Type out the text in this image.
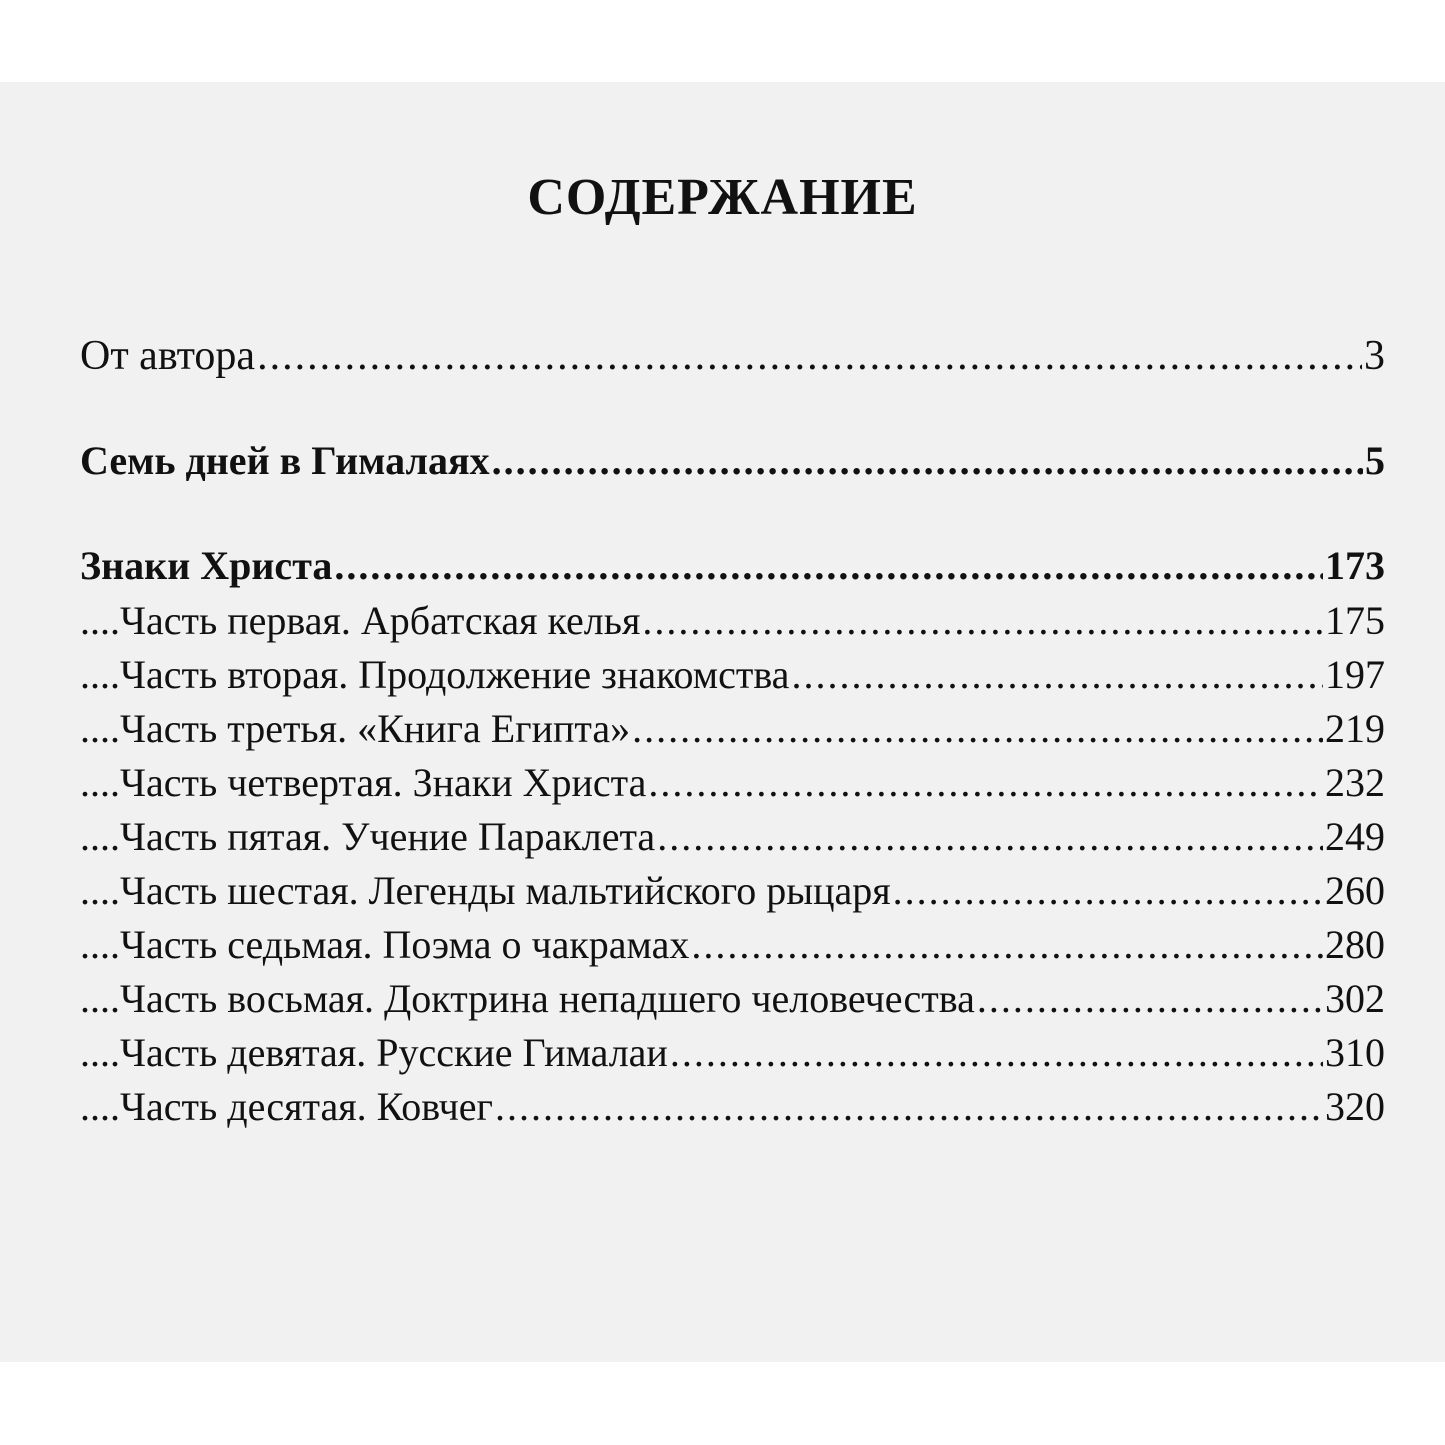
СОДЕРЖАНИЕ
От автора .....	3
Семь дней в Гималаях .....	5
Знаки Христа .....	173
....Часть первая. Арбатская келья .....	175
....Часть вторая. Продолжение знакомства .....	197
....Часть третья. «Книга Египта» .....	219
....Часть четвертая. Знаки Христа .....	232
....Часть пятая. Учение Параклета .....	249
....Часть шестая. Легенды мальтийского рыцаря .....	260
....Часть седьмая. Поэма о чакрамах .....	280
....Часть восьмая. Доктрина непадшего человечества .....	302
....Часть девятая. Русские Гималаи .....	310
....Часть десятая. Ковчег .....	320
